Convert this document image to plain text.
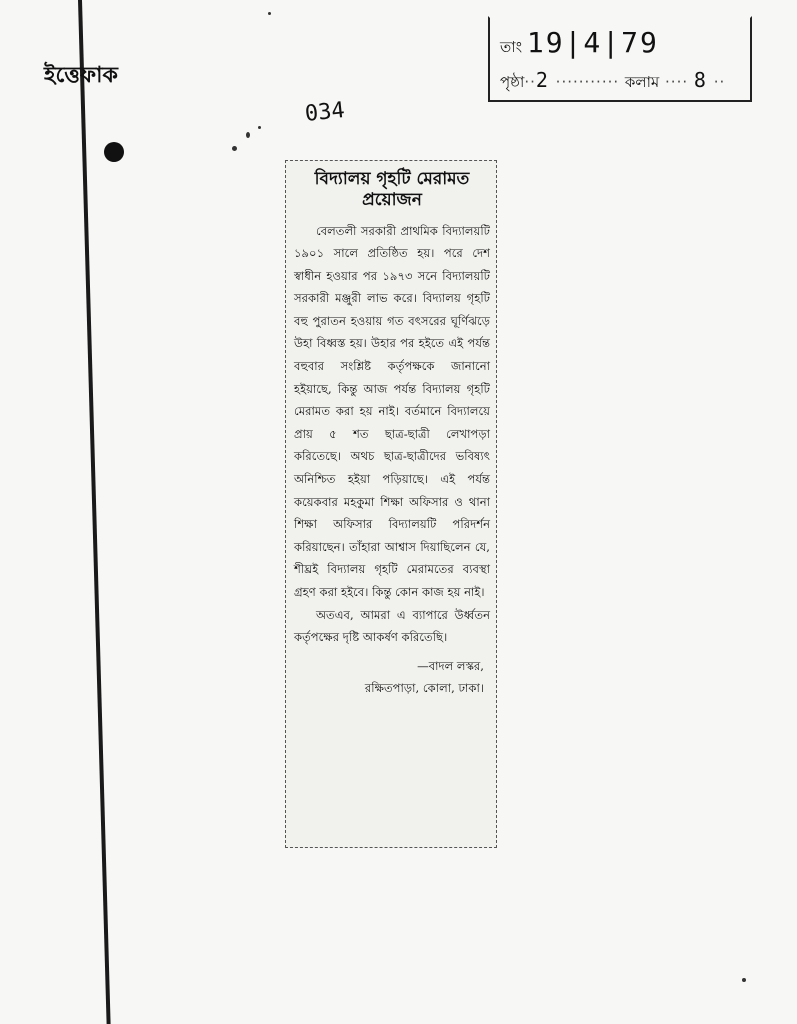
ইত্তেফাক
034
তাং 19|4|79
পৃষ্ঠা··2 ··········· কলাম ···· 8 ··
বিদ্যালয় গৃহটি মেরামত প্রয়োজন
বেলতলী সরকারী প্রাথমিক বিদ্যালয়টি ১৯০১ সালে প্রতিষ্ঠিত হয়। পরে দেশ স্বাধীন হওয়ার পর ১৯৭৩ সনে বিদ্যালয়টি সরকারী মঞ্জুরী লাভ করে। বিদ্যালয় গৃহটি বহু পুরাতন হওয়ায় গত বৎসরের ঘূর্ণিঝড়ে উহা বিধ্বস্ত হয়। উহার পর হইতে এই পর্যন্ত বহুবার সংশ্লিষ্ট কর্তৃপক্ষকে জানানো হইয়াছে, কিন্তু আজ পর্যন্ত বিদ্যালয় গৃহটি মেরামত করা হয় নাই। বর্তমানে বিদ্যালয়ে প্রায় ৫ শত ছাত্র-ছাত্রী লেখাপড়া করিতেছে। অথচ ছাত্র-ছাত্রীদের ভবিষ্যৎ অনিশ্চিত হইয়া পড়িয়াছে। এই পর্যন্ত কয়েকবার মহকুমা শিক্ষা অফিসার ও থানা শিক্ষা অফিসার বিদ্যালয়টি পরিদর্শন করিয়াছেন। তাঁহারা আশ্বাস দিয়াছিলেন যে, শীঘ্রই বিদ্যালয় গৃহটি মেরামতের ব্যবস্থা গ্রহণ করা হইবে। কিন্তু কোন কাজ হয় নাই।
অতএব, আমরা এ ব্যাপারে উর্ধ্বতন কর্তৃপক্ষের দৃষ্টি আকর্ষণ করিতেছি।
—বাদল লস্কর,
রক্ষিতপাড়া, কোলা, ঢাকা।
